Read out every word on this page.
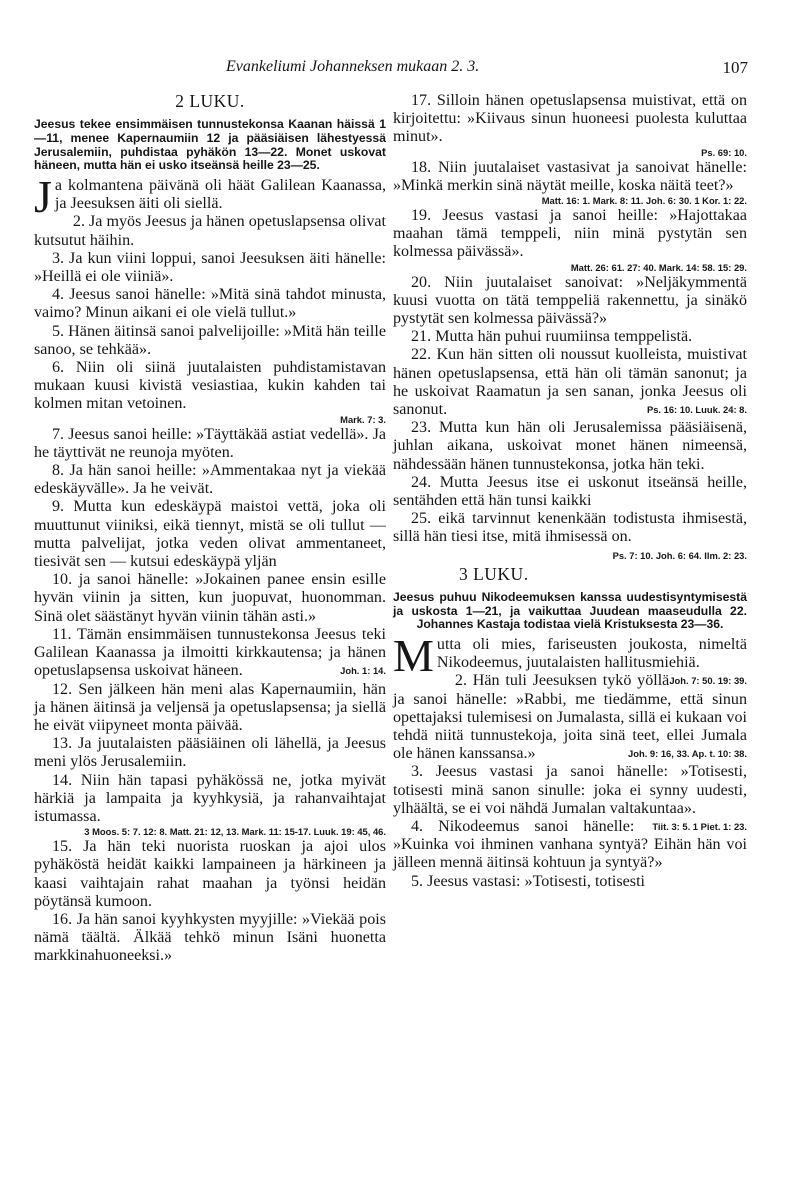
Evankeliumi Johanneksen mukaan 2. 3.	107
2 LUKU.
Jeesus tekee ensimmäisen tunnustekonsa Kaanan häissä 1—11, menee Kapernaumiin 12 ja pääsiäisen lähestyessä Jerusalemiin, puhdistaa pyhäkön 13—22. Monet uskovat häneen, mutta hän ei usko itseänsä heille 23—25.

Ja kolmantena päivänä oli häät Galilean Kaanassa, ja Jeesuksen äiti oli siellä.

2. Ja myös Jeesus ja hänen opetuslapsensa olivat kutsutut häihin.

3. Ja kun viini loppui, sanoi Jeesuksen äiti hänelle: »Heillä ei ole viiniä».

4. Jeesus sanoi hänelle: »Mitä sinä tahdot minusta, vaimo? Minun aikani ei ole vielä tullut.»

5. Hänen äitinsä sanoi palvelijoille: »Mitä hän teille sanoo, se tehkää».

6. Niin oli siinä juutalaisten puhdistamistavan mukaan kuusi kivistä vesiastiaa, kukin kahden tai kolmen mitan vetoinen.

Mark. 7: 3.

7. Jeesus sanoi heille: »Täyttäkää astiat vedellä». Ja he täyttivät ne reunoja myöten.

8. Ja hän sanoi heille: »Ammentakaa nyt ja viekää edeskäyvälle». Ja he veivät.

9. Mutta kun edeskäypä maistoi vettä, joka oli muuttunut viiniksi, eikä tiennyt, mistä se oli tullut — mutta palvelijat, jotka veden olivat ammentaneet, tiesivät sen — kutsui edeskäypä yljän

10. ja sanoi hänelle: »Jokainen panee ensin esille hyvän viinin ja sitten, kun juopuvat, huonomman. Sinä olet säästänyt hyvän viinin tähän asti.»

11. Tämän ensimmäisen tunnustekonsa Jeesus teki Galilean Kaanassa ja ilmoitti kirkkautensa; ja hänen opetuslapsensa uskoivat häneen.	Joh. 1: 14.

12. Sen jälkeen hän meni alas Kapernaumiin, hän ja hänen äitinsä ja veljensä ja opetuslapsensa; ja siellä he eivät viipyneet monta päivää.

13. Ja juutalaisten pääsiäinen oli lähellä, ja Jeesus meni ylös Jerusalemiin.

14. Niin hän tapasi pyhäkössä ne, jotka myivät härkiä ja lampaita ja kyyhkysiä, ja rahanvaihtajat istumassa.

3 Moos. 5: 7. 12: 8. Matt. 21: 12, 13. Mark. 11: 15-17. Luuk. 19: 45, 46.

15. Ja hän teki nuorista ruoskan ja ajoi ulos pyhäköstä heidät kaikki lampaineen ja härkineen ja kaasi vaihtajain rahat maahan ja työnsi heidän pöytänsä kumoon.

16. Ja hän sanoi kyyhkysten myyjille: »Viekää pois nämä täältä. Älkää tehkö minun Isäni huonetta markkinahuoneeksi.»

17. Silloin hänen opetuslapsensa muistivat, että on kirjoitettu: »Kiivaus sinun huoneesi puolesta kuluttaa minut».

Ps. 69: 10.

18. Niin juutalaiset vastasivat ja sanoivat hänelle: »Minkä merkin sinä näytät meille, koska näitä teet?»

Matt. 16: 1. Mark. 8: 11. Joh. 6: 30. 1 Kor. 1: 22.

19. Jeesus vastasi ja sanoi heille: »Hajottakaa maahan tämä temppeli, niin minä pystytän sen kolmessa päivässä».

Matt. 26: 61. 27: 40. Mark. 14: 58. 15: 29.

20. Niin juutalaiset sanoivat: »Neljäkymmentä kuusi vuotta on tätä temppeliä rakennettu, ja sinäkö pystytät sen kolmessa päivässä?»

21. Mutta hän puhui ruumiinsa temppelistä.

22. Kun hän sitten oli noussut kuolleista, muistivat hänen opetuslapsensa, että hän oli tämän sanonut; ja he uskoivat Raamatun ja sen sanan, jonka Jeesus oli sanonut.	Ps. 16: 10. Luuk. 24: 8.

23. Mutta kun hän oli Jerusalemissa pääsiäisenä, juhlan aikana, uskoivat monet hänen nimeensä, nähdessään hänen tunnustekonsa, jotka hän teki.

24. Mutta Jeesus itse ei uskonut itseänsä heille, sentähden että hän tunsi kaikki

25. eikä tarvinnut kenenkään todistusta ihmisestä, sillä hän tiesi itse, mitä ihmisessä on.
Ps. 7: 10. Joh. 6: 64. Ilm. 2: 23.

3 LUKU.
Jeesus puhuu Nikodeemuksen kanssa uudestisyntymisestä ja uskosta 1—21, ja vaikuttaa Juudean maaseudulla 22. Johannes Kastaja todistaa vielä Kristuksesta 23—36.

Mutta oli mies, fariseusten joukosta, nimeltä Nikodeemus, juutalaisten hallitusmiehiä.
Joh. 7: 50. 19: 39.

2. Hän tuli Jeesuksen tykö yöllä ja sanoi hänelle: »Rabbi, me tiedämme, että sinun opettajaksi tulemisesi on Jumalasta, sillä ei kukaan voi tehdä niitä tunnustekoja, joita sinä teet, ellei Jumala ole hänen kanssansa.»	Joh. 9: 16, 33. Ap. t. 10: 38.

3. Jeesus vastasi ja sanoi hänelle: »Totisesti, totisesti minä sanon sinulle: joka ei synny uudesti, ylhäältä, se ei voi nähdä Jumalan valtakuntaa».
Tiit. 3: 5. 1 Piet. 1: 23.

4. Nikodeemus sanoi hänelle: »Kuinka voi ihminen vanhana syntyä? Eihän hän voi jälleen mennä äitinsä kohtuun ja syntyä?»

5. Jeesus vastasi: »Totisesti, totisesti
